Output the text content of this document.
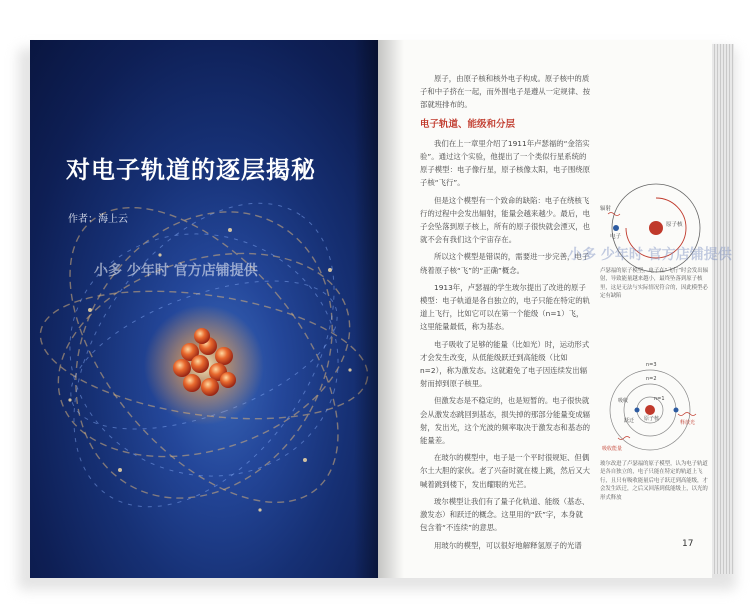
对电子轨道的逐层揭秘
作者：海上云
小多 少年时 官方店铺提供

原子，由原子核和核外电子构成。原子核中的质子和中子挤在一起，而外围电子是遵从一定规律、按部就班排布的。

电子轨道、能级和分层

我们在上一章里介绍了1911年卢瑟福的“金箔实验”。通过这个实验，他提出了一个类似行星系统的原子模型：电子像行星，原子核像太阳，电子围绕原子核“飞行”。

但是这个模型有一个致命的缺陷：电子在绕核飞行的过程中会发出辐射，能量会越来越少。最后，电子会坠落到原子核上，所有的原子很快就会湮灭，也就不会有我们这个宇宙存在。

所以这个模型是错误的，需要进一步完善，电子绕着原子核“飞”的“正确”概念。

1913年，卢瑟福的学生玻尔提出了改进的原子模型：电子轨道是各自独立的，电子只能在特定的轨道上飞行，比如它可以在第一个能级（n=1）飞，这里能量最低，称为基态。

电子吸收了足够的能量（比如光）时，运动形式才会发生改变，从低能级跃迁到高能级（比如n=2），称为激发态。这就避免了电子因连续发出辐射而掉到原子核里。

但激发态是不稳定的，也是短暂的。电子很快就会从激发态跳回到基态，损失掉的那部分能量变成辐射，发出光，这个光波的频率取决于激发态和基态的能量差。

在玻尔的模型中，电子是一个平时很规矩、但偶尔土大胆的家伙。老了兴奋时就在楼上跳，然后又大喊着跳到楼下，发出耀眼的光芒。

玻尔模型让我们有了量子化轨道、能级（基态、激发态）和跃迁的概念。这里用的“跃”字，本身就包含着“不连续”的意思。

用玻尔的模型，可以很好地解释氢原子的光谱

辐射
原子核
电子
卢瑟福的原子模型，电子在“飞行”时会发出辐射，导致能量越来越小，最终坠落到原子核里，这是无法与实际情况符合的，因此模型必定有缺陷
n=3
n=2
n=1
吸收
跃迁 原子核
释放光
吸收能量
玻尔改进了卢瑟福的原子模型，认为电子轨道是各自独立的，电子只能在特定的轨道上飞行，且只有吸收能量后电子跃迁到高能级，才会发生跃迁，之后又回落到低能级上，以光的形式释放
小多 少年时 官方店铺提供
17
